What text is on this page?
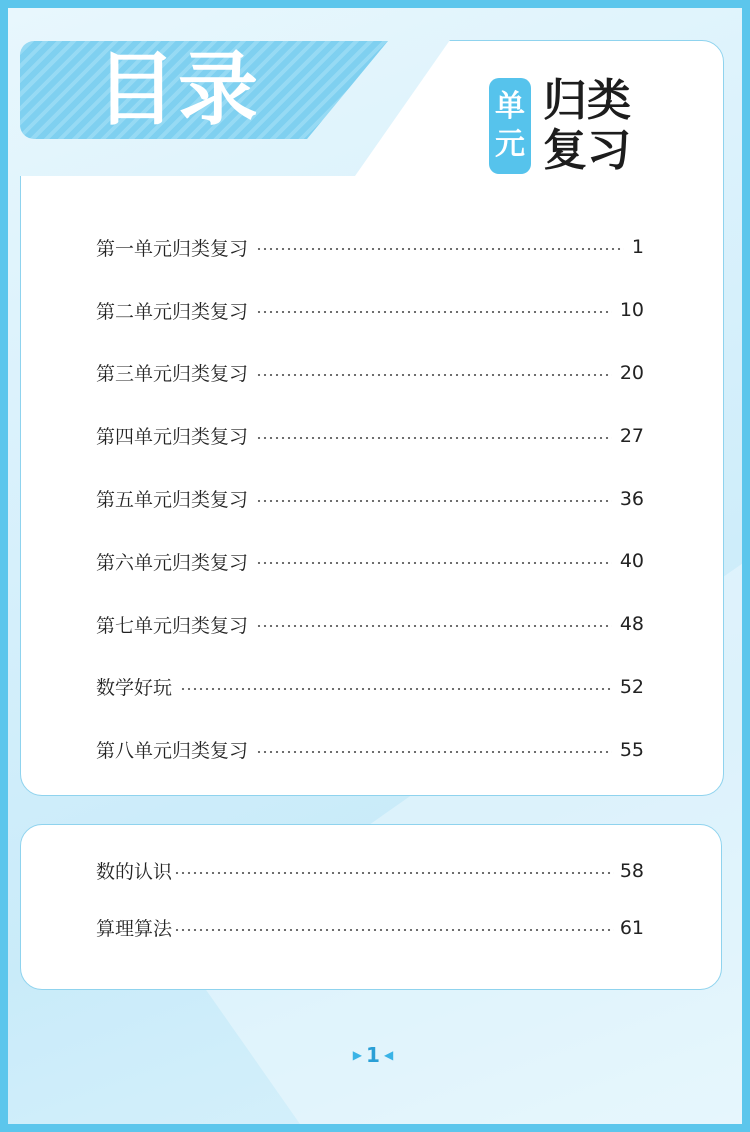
目录	单
元
归类
复习
第一单元归类复习	1
第二单元归类复习	10
第三单元归类复习	20
第四单元归类复习	27
第五单元归类复习	36
第六单元归类复习	40
第七单元归类复习	48
数学好玩	52
第八单元归类复习	55
数的认识	58
算理算法	61
▶ 1 ◀
